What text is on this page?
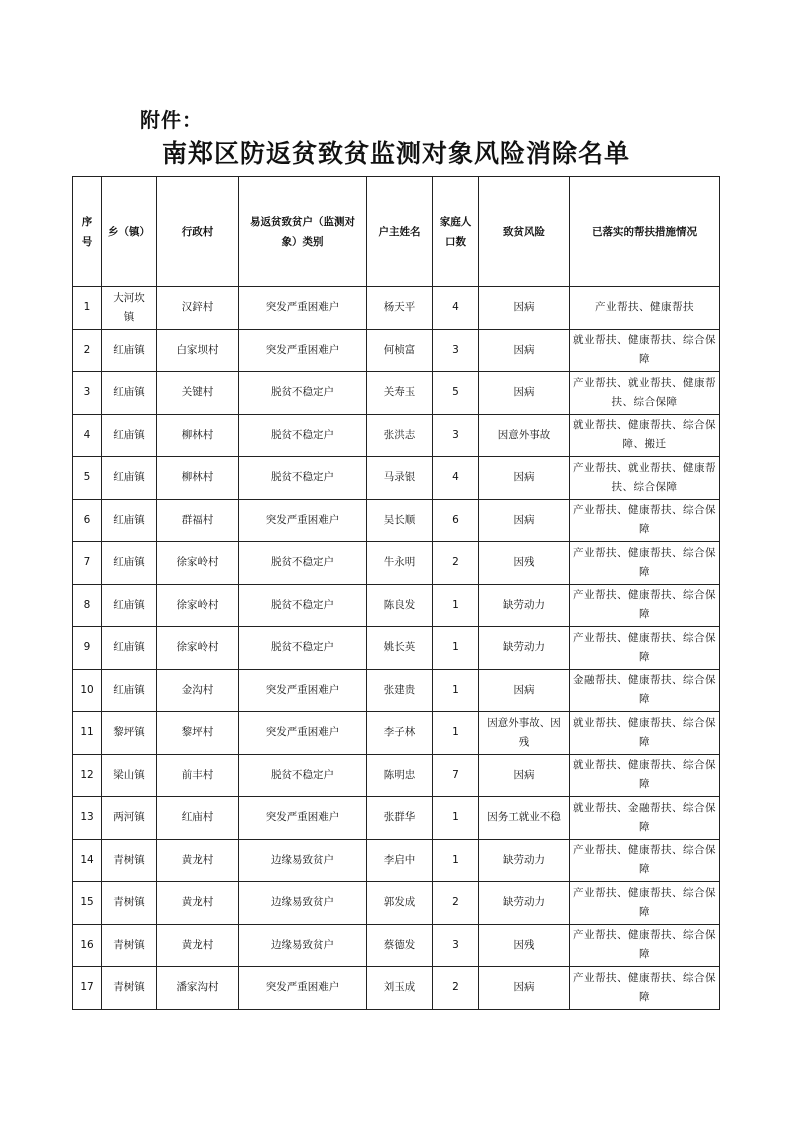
附件：
南郑区防返贫致贫监测对象风险消除名单
序号	乡（镇）	行政村	易返贫致贫户（监测对象）类别	户主姓名	家庭人口数	致贫风险	已落实的帮扶措施情况
1	大河坎镇	汉鋅村	突发严重困难户	杨天平	4	因病	产业帮扶、健康帮扶
2	红庙镇	白家坝村	突发严重困难户	何桢富	3	因病	就业帮扶、健康帮扶、综合保障
3	红庙镇	关键村	脱贫不稳定户	关寿玉	5	因病	产业帮扶、就业帮扶、健康帮扶、综合保障
4	红庙镇	柳林村	脱贫不稳定户	张洪志	3	因意外事故	就业帮扶、健康帮扶、综合保障、搬迁
5	红庙镇	柳林村	脱贫不稳定户	马录银	4	因病	产业帮扶、就业帮扶、健康帮扶、综合保障
6	红庙镇	群福村	突发严重困难户	吴长顺	6	因病	产业帮扶、健康帮扶、综合保障
7	红庙镇	徐家岭村	脱贫不稳定户	牛永明	2	因残	产业帮扶、健康帮扶、综合保障
8	红庙镇	徐家岭村	脱贫不稳定户	陈良发	1	缺劳动力	产业帮扶、健康帮扶、综合保障
9	红庙镇	徐家岭村	脱贫不稳定户	姚长英	1	缺劳动力	产业帮扶、健康帮扶、综合保障
10	红庙镇	金沟村	突发严重困难户	张建贵	1	因病	金融帮扶、健康帮扶、综合保障
11	黎坪镇	黎坪村	突发严重困难户	李子林	1	因意外事故、因残	就业帮扶、健康帮扶、综合保障
12	梁山镇	前丰村	脱贫不稳定户	陈明忠	7	因病	就业帮扶、健康帮扶、综合保障
13	两河镇	红庙村	突发严重困难户	张群华	1	因务工就业不稳	就业帮扶、金融帮扶、综合保障
14	青树镇	黄龙村	边缘易致贫户	李启中	1	缺劳动力	产业帮扶、健康帮扶、综合保障
15	青树镇	黄龙村	边缘易致贫户	郭发成	2	缺劳动力	产业帮扶、健康帮扶、综合保障
16	青树镇	黄龙村	边缘易致贫户	蔡德发	3	因残	产业帮扶、健康帮扶、综合保障
17	青树镇	潘家沟村	突发严重困难户	刘玉成	2	因病	产业帮扶、健康帮扶、综合保障
